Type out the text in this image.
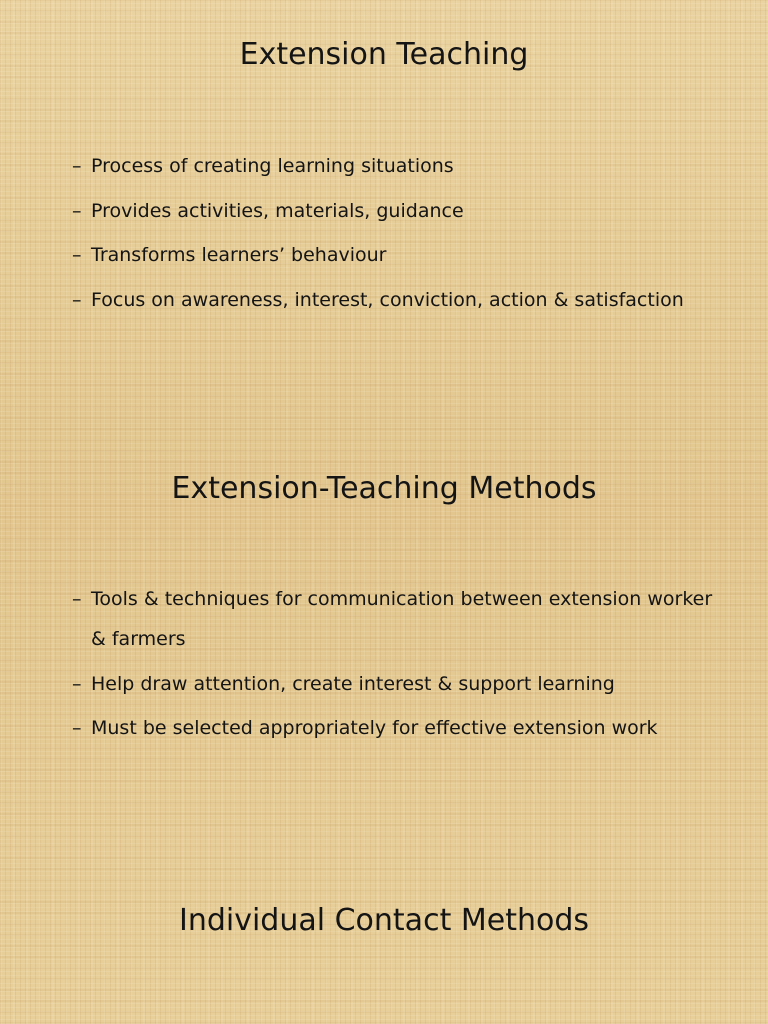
Extension Teaching
– Process of creating learning situations
– Provides activities, materials, guidance
– Transforms learners’ behaviour
– Focus on awareness, interest, conviction, action & satisfaction
Extension-Teaching Methods
– Tools & techniques for communication between extension worker & farmers
– Help draw attention, create interest & support learning
– Must be selected appropriately for effective extension work
Individual Contact Methods
